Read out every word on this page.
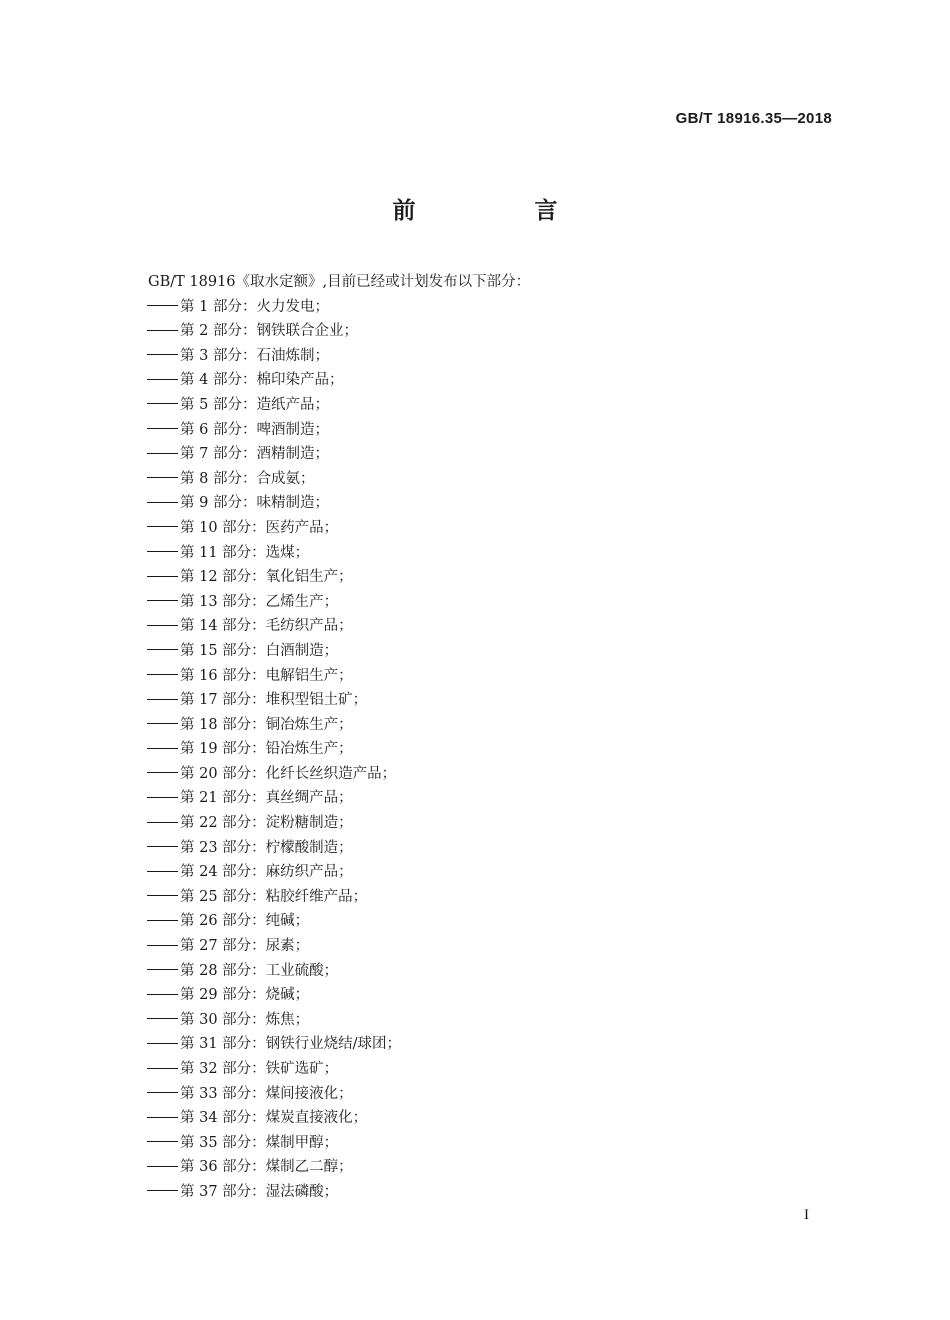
GB/T 18916.35—2018
前　言
GB/T 18916《取水定额》,目前已经或计划发布以下部分：
第 1 部分：火力发电；
第 2 部分：钢铁联合企业；
第 3 部分：石油炼制；
第 4 部分：棉印染产品；
第 5 部分：造纸产品；
第 6 部分：啤酒制造；
第 7 部分：酒精制造；
第 8 部分：合成氨；
第 9 部分：味精制造；
第 10 部分：医药产品；
第 11 部分：选煤；
第 12 部分：氧化铝生产；
第 13 部分：乙烯生产；
第 14 部分：毛纺织产品；
第 15 部分：白酒制造；
第 16 部分：电解铝生产；
第 17 部分：堆积型铝土矿；
第 18 部分：铜冶炼生产；
第 19 部分：铅冶炼生产；
第 20 部分：化纤长丝织造产品；
第 21 部分：真丝绸产品；
第 22 部分：淀粉糖制造；
第 23 部分：柠檬酸制造；
第 24 部分：麻纺织产品；
第 25 部分：粘胶纤维产品；
第 26 部分：纯碱；
第 27 部分：尿素；
第 28 部分：工业硫酸；
第 29 部分：烧碱；
第 30 部分：炼焦；
第 31 部分：钢铁行业烧结/球团；
第 32 部分：铁矿选矿；
第 33 部分：煤间接液化；
第 34 部分：煤炭直接液化；
第 35 部分：煤制甲醇；
第 36 部分：煤制乙二醇；
第 37 部分：湿法磷酸；
I
